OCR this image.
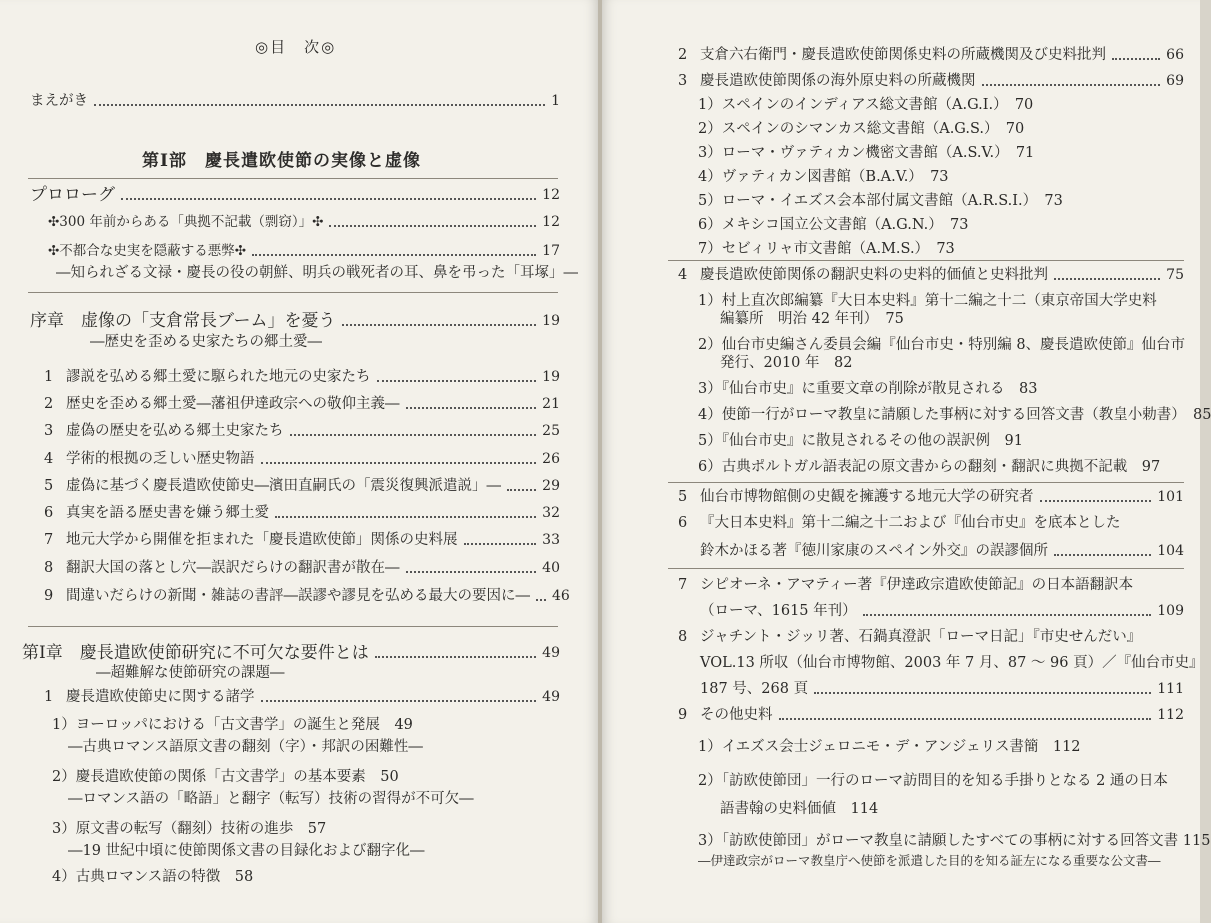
◎目　次◎
まえがき	1
第Ⅰ部　慶長遣欧使節の実像と虚像
プロローグ	12
✣300 年前からある「典拠不記載（剽窃）」✣	12
✣不都合な史実を隠蔽する悪弊✣	17
―知られざる文禄・慶長の役の朝鮮、明兵の戦死者の耳、鼻を弔った「耳塚」―
序章　虚像の「支倉常長ブーム」を憂う	19
―歴史を歪める史家たちの郷土愛―
1 謬説を弘める郷土愛に駆られた地元の史家たち	19
2 歴史を歪める郷土愛―藩祖伊達政宗への敬仰主義―	21
3 虚偽の歴史を弘める郷土史家たち	25
4 学術的根拠の乏しい歴史物語	26
5 虚偽に基づく慶長遣欧使節史―濱田直嗣氏の「震災復興派遣説」―	29
6 真実を語る歴史書を嫌う郷土愛	32
7 地元大学から開催を拒まれた「慶長遣欧使節」関係の史料展	33
8 翻訳大国の落とし穴―誤訳だらけの翻訳書が散在―	40
9 間違いだらけの新聞・雑誌の書評―誤謬や謬見を弘める最大の要因に― 46
第Ⅰ章　慶長遣欧使節研究に不可欠な要件とは	49
―超難解な使節研究の課題―
1 慶長遣欧使節史に関する諸学	49
1）ヨーロッパにおける「古文書学」の誕生と発展　 49
―古典ロマンス語原文書の翻刻（字）・邦訳の困難性―
2）慶長遣欧使節の関係「古文書学」の基本要素　 50
―ロマンス語の「略語」と翻字（転写）技術の習得が不可欠―
3）原文書の転写（翻刻）技術の進歩　 57
―19 世紀中頃に使節関係文書の目録化および翻字化―
4）古典ロマンス語の特徴　 58
2 支倉六右衛門・慶長遣欧使節関係史料の所蔵機関及び史料批判	66
3 慶長遣欧使節関係の海外原史料の所蔵機関	69
1）スペインのインディアス総文書館（A.G.I.）　 70
2）スペインのシマンカス総文書館（A.G.S.）　 70
3）ローマ・ヴァティカン機密文書館（A.S.V.）　 71
4）ヴァティカン図書館（B.A.V.）　 73
5）ローマ・イエズス会本部付属文書館（A.R.S.I.）　 73
6）メキシコ国立公文書館（A.G.N.）　 73
7）セビィリャ市文書館（A.M.S.）　 73
4 慶長遣欧使節関係の翻訳史料の史料的価値と史料批判	75
1）村上直次郎編纂『大日本史料』第十二編之十二（東京帝国大学史料
編纂所　明治 42 年刊）　 75
2）仙台市史編さん委員会編『仙台市史・特別編 8、慶長遣欧使節』仙台市
発行、2010 年　 82
3）『仙台市史』に重要文章の削除が散見される　 83
4）使節一行がローマ教皇に請願した事柄に対する回答文書（教皇小勅書）　 85
5）『仙台市史』に散見されるその他の誤訳例　 91
6）古典ポルトガル語表記の原文書からの翻刻・翻訳に典拠不記載　 97
5 仙台市博物館側の史観を擁護する地元大学の研究者	101
6 『大日本史料』第十二編之十二および『仙台市史』を底本とした
鈴木かほる著『徳川家康のスペイン外交』の誤謬個所	104
7 シピオーネ・アマティー著『伊達政宗遣欧使節記』の日本語翻訳本
（ローマ、1615 年刊）	109
8 ジャチント・ジッリ著、石鍋真澄訳「ローマ日記」『市史せんだい』
VOL.13 所収（仙台市博物館、2003 年 7 月、87 ～ 96 頁）／『仙台市史』
187 号、268 頁	111
9 その他史料	112
1）イエズス会士ジェロニモ・デ・アンジェリス書簡　 112
2）「訪欧使節団」一行のローマ訪問目的を知る手掛りとなる 2 通の日本
語書翰の史料価値　 114
3）「訪欧使節団」がローマ教皇に請願したすべての事柄に対する回答文書 115
―伊達政宗がローマ教皇庁へ使節を派遣した目的を知る証左になる重要な公文書―
